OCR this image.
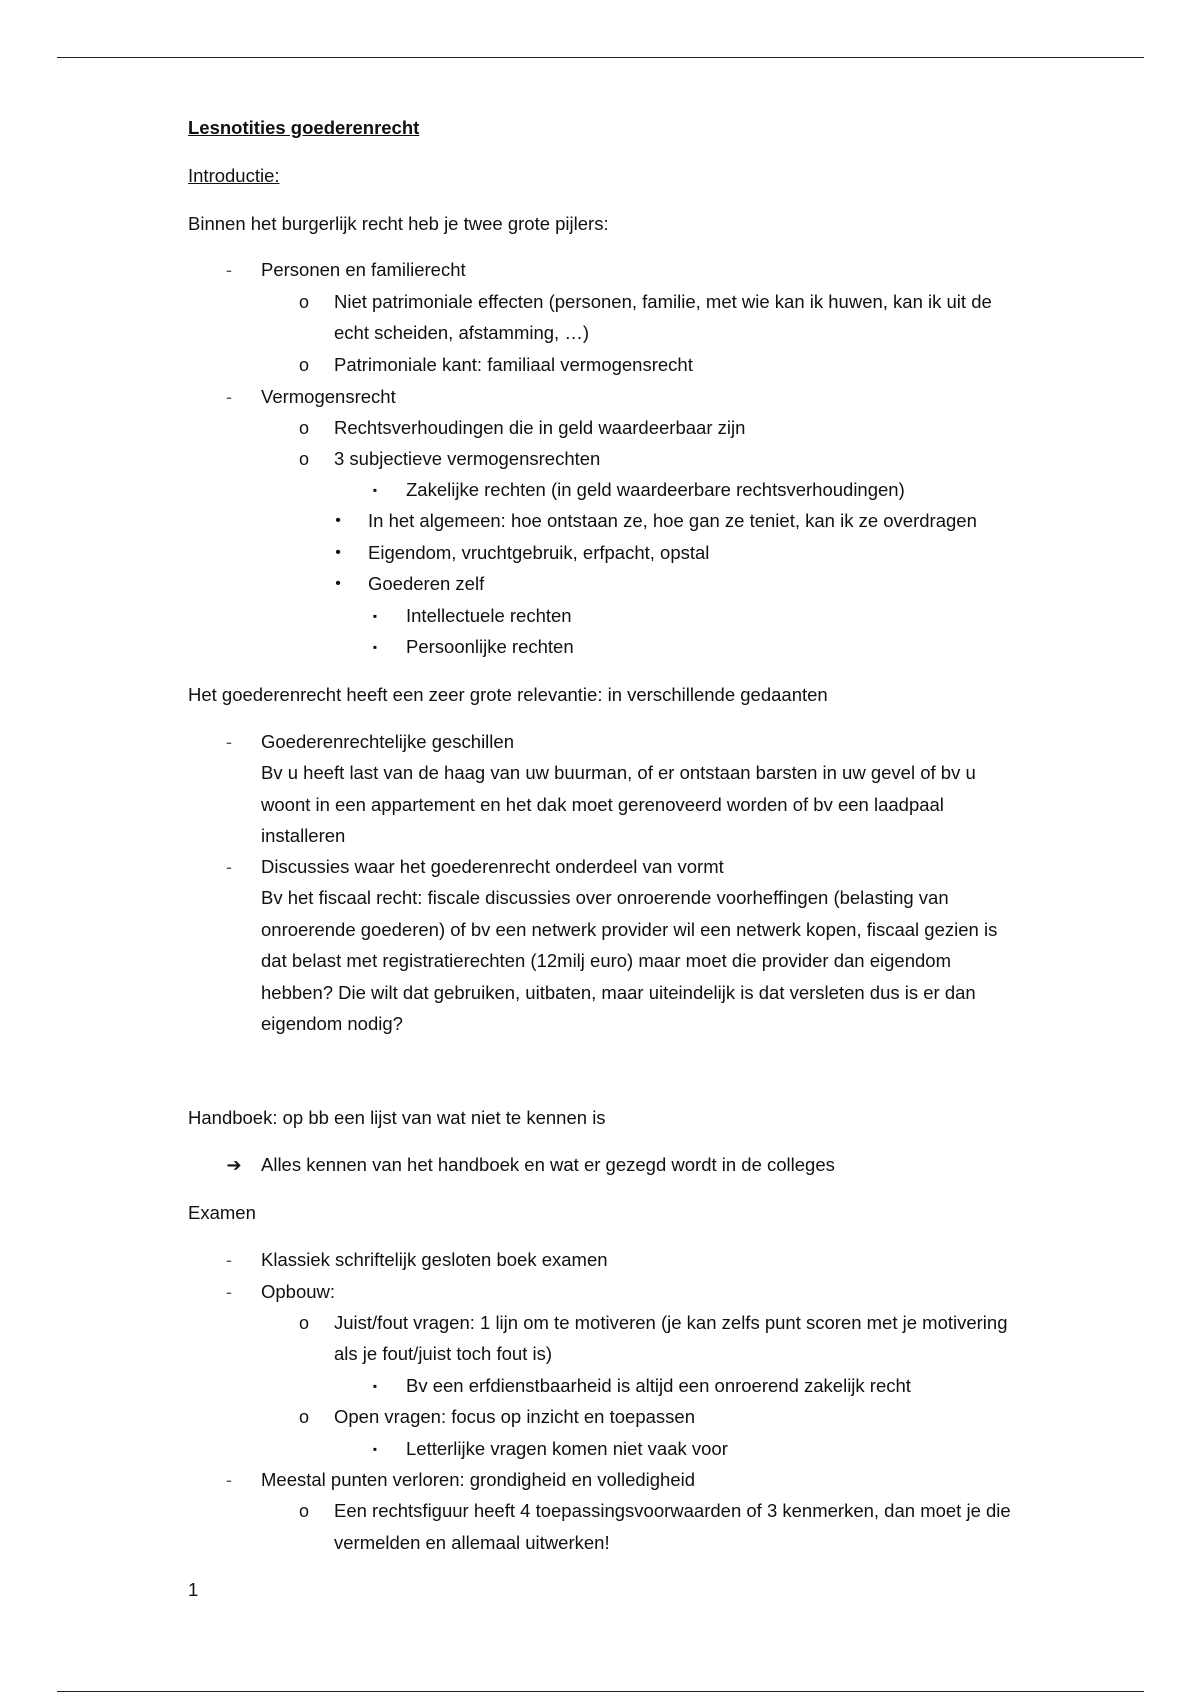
Lesnotities goederenrecht
Introductie:
Binnen het burgerlijk recht heb je twee grote pijlers:
- Personen en familierecht
o Niet patrimoniale effecten (personen, familie, met wie kan ik huwen, kan ik uit de
echt scheiden, afstamming, …)
o Patrimoniale kant: familiaal vermogensrecht
- Vermogensrecht
o Rechtsverhoudingen die in geld waardeerbaar zijn
o 3 subjectieve vermogensrechten
▪ Zakelijke rechten (in geld waardeerbare rechtsverhoudingen)
• In het algemeen: hoe ontstaan ze, hoe gan ze teniet, kan ik ze overdragen
• Eigendom, vruchtgebruik, erfpacht, opstal
• Goederen zelf
▪ Intellectuele rechten
▪ Persoonlijke rechten
Het goederenrecht heeft een zeer grote relevantie: in verschillende gedaanten
- Goederenrechtelijke geschillen
Bv u heeft last van de haag van uw buurman, of er ontstaan barsten in uw gevel of bv u
woont in een appartement en het dak moet gerenoveerd worden of bv een laadpaal
installeren
- Discussies waar het goederenrecht onderdeel van vormt
Bv het fiscaal recht: fiscale discussies over onroerende voorheffingen (belasting van
onroerende goederen) of bv een netwerk provider wil een netwerk kopen, fiscaal gezien is
dat belast met registratierechten (12milj euro) maar moet die provider dan eigendom
hebben? Die wilt dat gebruiken, uitbaten, maar uiteindelijk is dat versleten dus is er dan
eigendom nodig?
Handboek: op bb een lijst van wat niet te kennen is
➔ Alles kennen van het handboek en wat er gezegd wordt in de colleges
Examen
- Klassiek schriftelijk gesloten boek examen
- Opbouw:
o Juist/fout vragen: 1 lijn om te motiveren (je kan zelfs punt scoren met je motivering
als je fout/juist toch fout is)
▪ Bv een erfdienstbaarheid is altijd een onroerend zakelijk recht
o Open vragen: focus op inzicht en toepassen
▪ Letterlijke vragen komen niet vaak voor
- Meestal punten verloren: grondigheid en volledigheid
o Een rechtsfiguur heeft 4 toepassingsvoorwaarden of 3 kenmerken, dan moet je die
vermelden en allemaal uitwerken!
1
